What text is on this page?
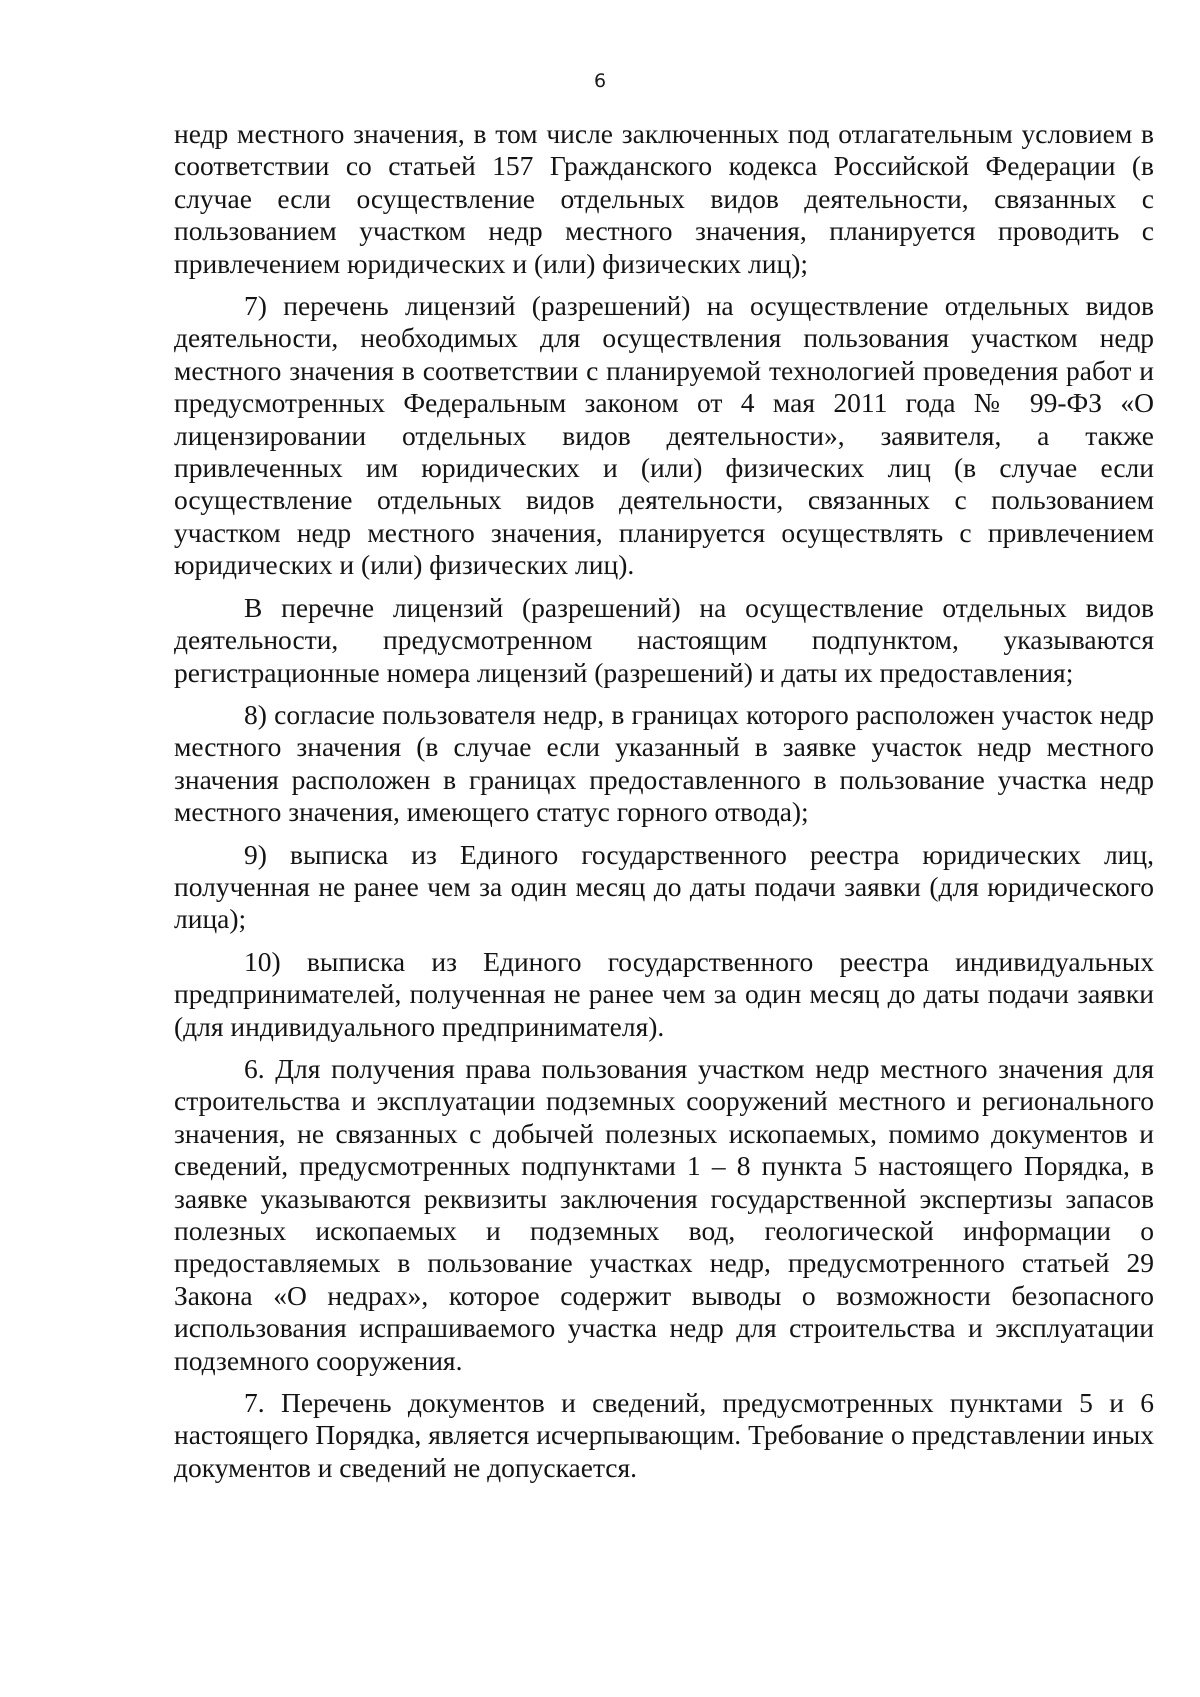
6

недр местного значения, в том числе заключенных под отлагательным условием в соответствии со статьей 157 Гражданского кодекса Российской Федерации (в случае если осуществление отдельных видов деятельности, связанных с пользованием участком недр местного значения, планируется проводить с привлечением юридических и (или) физических лиц);

7) перечень лицензий (разрешений) на осуществление отдельных видов деятельности, необходимых для осуществления пользования участком недр местного значения в соответствии с планируемой технологией проведения работ и предусмотренных Федеральным законом от 4 мая 2011 года № 99-ФЗ «О лицензировании отдельных видов деятельности», заявителя, а также привлеченных им юридических и (или) физических лиц (в случае если осуществление отдельных видов деятельности, связанных с пользованием участком недр местного значения, планируется осуществлять с привлечением юридических и (или) физических лиц).

В перечне лицензий (разрешений) на осуществление отдельных видов деятельности, предусмотренном настоящим подпунктом, указываются регистрационные номера лицензий (разрешений) и даты их предоставления;

8) согласие пользователя недр, в границах которого расположен участок недр местного значения (в случае если указанный в заявке участок недр местного значения расположен в границах предоставленного в пользование участка недр местного значения, имеющего статус горного отвода);

9) выписка из Единого государственного реестра юридических лиц, полученная не ранее чем за один месяц до даты подачи заявки (для юридического лица);

10) выписка из Единого государственного реестра индивидуальных предпринимателей, полученная не ранее чем за один месяц до даты подачи заявки (для индивидуального предпринимателя).

6. Для получения права пользования участком недр местного значения для строительства и эксплуатации подземных сооружений местного и регионального значения, не связанных с добычей полезных ископаемых, помимо документов и сведений, предусмотренных подпунктами 1 – 8 пункта 5 настоящего Порядка, в заявке указываются реквизиты заключения государственной экспертизы запасов полезных ископаемых и подземных вод, геологической информации о предоставляемых в пользование участках недр, предусмотренного статьей 29 Закона «О недрах», которое содержит выводы о возможности безопасного использования испрашиваемого участка недр для строительства и эксплуатации подземного сооружения.

7. Перечень документов и сведений, предусмотренных пунктами 5 и 6 настоящего Порядка, является исчерпывающим. Требование о представлении иных документов и сведений не допускается.
